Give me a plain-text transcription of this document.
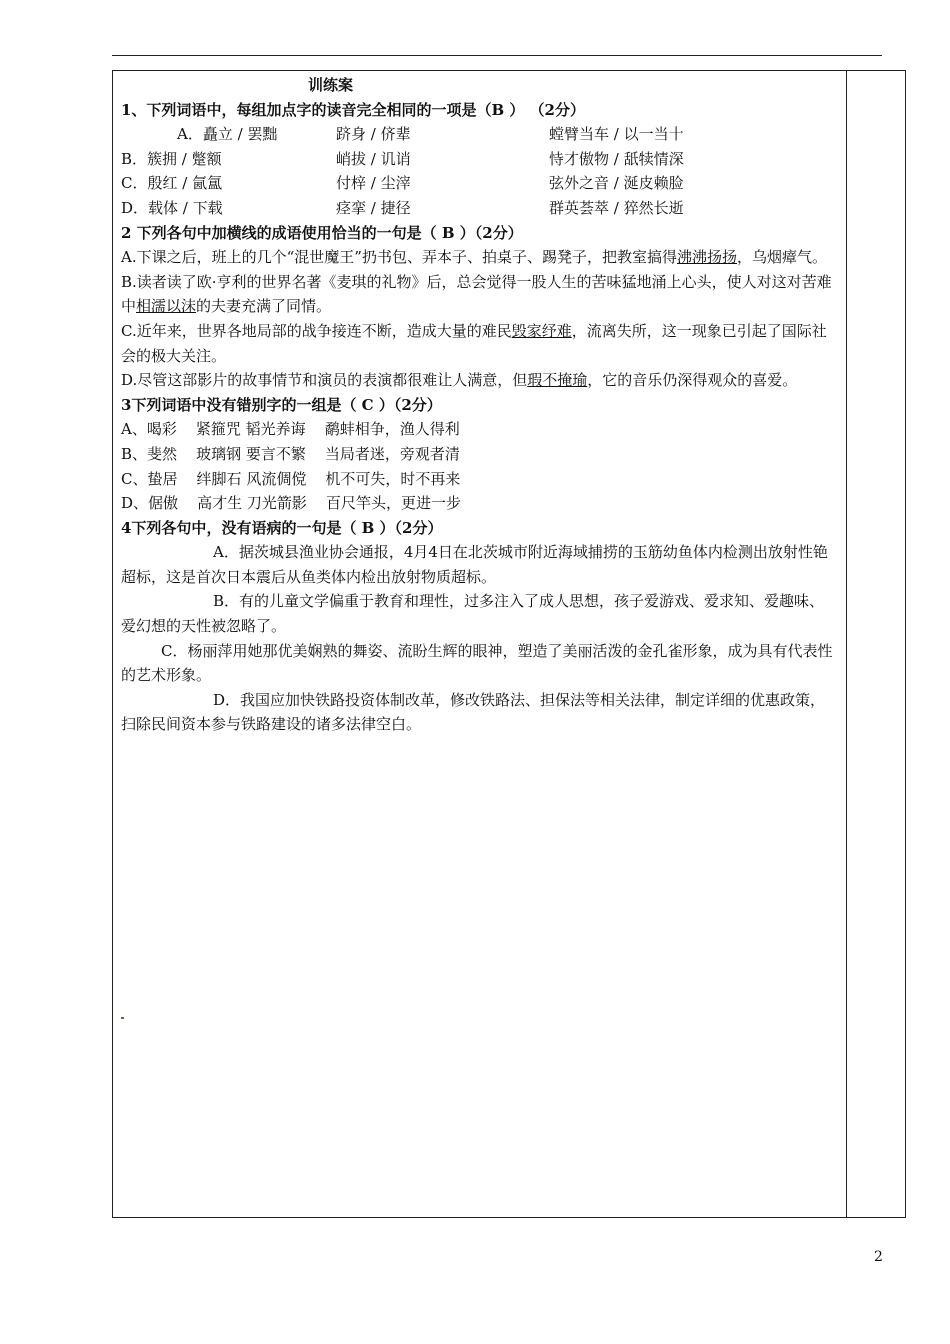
训练案
1、下列词语中，每组加点字的读音完全相同的一项是（B ） （2分）
A．矗立 / 罢黜	跻身 / 侪辈	螳臂当车 / 以一当十
B．簇拥 / 蹩额	峭拔 / 讥诮	恃才傲物 / 舐犊情深
C．殷红 / 氤氲	付梓 / 尘滓	弦外之音 / 涎皮赖脸
D．载体 / 下载	痉挛 / 捷径	群英荟萃 / 猝然长逝
2 下列各句中加横线的成语使用恰当的一句是（ B ）（2分）
A.下课之后，班上的几个“混世魔王”扔书包、弄本子、拍桌子、踢凳子，把教室搞得沸沸扬扬，乌烟瘴气。
B.读者读了欧·亨利的世界名著《麦琪的礼物》后，总会觉得一股人生的苦味猛地涌上心头，使人对这对苦难中相濡以沫的夫妻充满了同情。
C.近年来，世界各地局部的战争接连不断，造成大量的难民毁家纾难，流离失所，这一现象已引起了国际社会的极大关注。
D.尽管这部影片的故事情节和演员的表演都很难让人满意，但瑕不掩瑜，它的音乐仍深得观众的喜爱。
3下列词语中没有错别字的一组是（ C ）（2分）
A、喝彩    紧箍咒 韬光养诲    鹬蚌相争，渔人得利
B、斐然    玻璃钢 要言不繁    当局者迷，旁观者清
C、蛰居    绊脚石 风流倜傥    机不可失，时不再来
D、倨傲    高才生 刀光箭影    百尺竿头，更进一步
4下列各句中，没有语病的一句是（ B ）（2分）
A．据茨城县渔业协会通报，4月4日在北茨城市附近海域捕捞的玉筋幼鱼体内检测出放射性铯超标，这是首次日本震后从鱼类体内检出放射物质超标。
B．有的儿童文学偏重于教育和理性，过多注入了成人思想，孩子爱游戏、爱求知、爱趣味、爱幻想的天性被忽略了。
C．杨丽萍用她那优美娴熟的舞姿、流盼生辉的眼神，塑造了美丽活泼的金孔雀形象，成为具有代表性的艺术形象。
D．我国应加快铁路投资体制改革，修改铁路法、担保法等相关法律，制定详细的优惠政策，扫除民间资本参与铁路建设的诸多法律空白。
2
